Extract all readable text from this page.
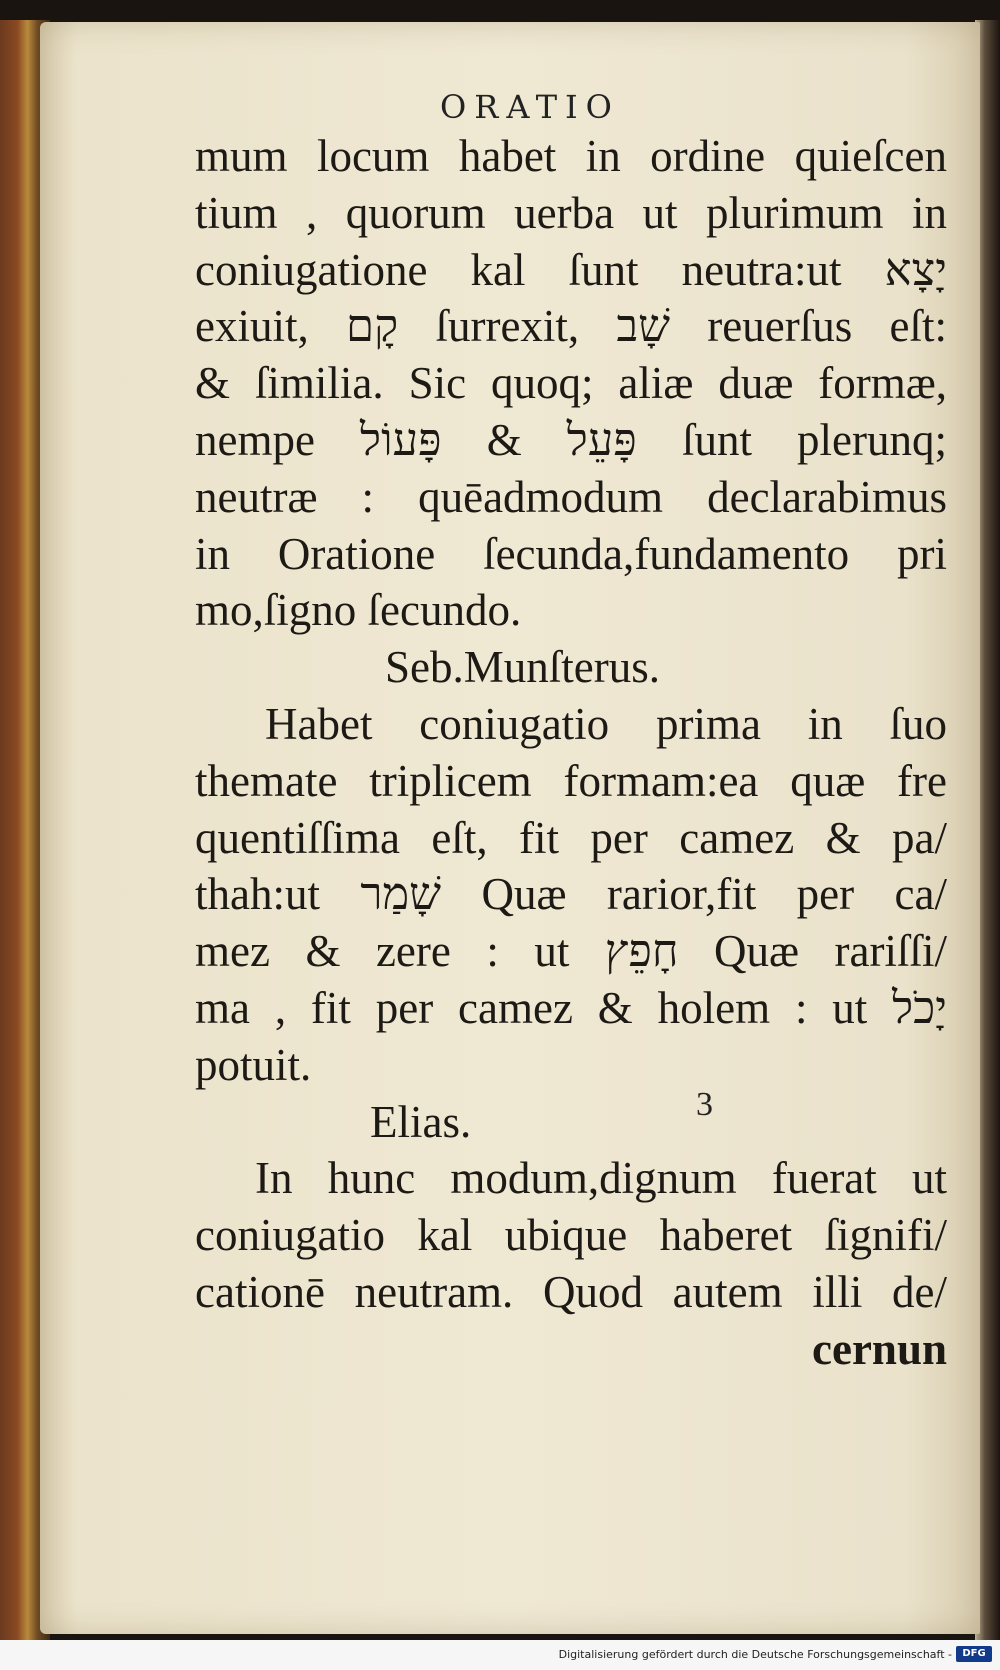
ORATIO
mum locum habet in ordine quieſcen
tium , quorum uerba ut plurimum in
coniugatione kal ſunt neutra:ut יָצָא
exiuit, קָם ſurrexit, שָׁב reuerſus eſt:
& ſimilia. Sic quoq; aliæ duæ formæ,
nempe פָּעֵל & פָּעוֹל ſunt plerunq;
neutræ : quēadmodum declarabimus
in Oratione ſecunda,fundamento pri
mo,ſigno ſecundo.
Seb.Munſterus.
Habet coniugatio prima in ſuo
themate triplicem formam:ea quæ fre
quentiſſima eſt, fit per camez & pa/
thah:ut שָׁמַר Quæ rarior,fit per ca/
mez & zere : ut חָפֵץ Quæ rariſſi/
ma , fit per camez & holem : ut יָכֹל
potuit.
Elias.
In hunc modum,dignum fuerat ut
coniugatio kal ubique haberet ſignifi/
cationē neutram. Quod autem illi de/
cernun
3
Digitalisierung gefördert durch die Deutsche Forschungsgemeinschaft -	DFG
